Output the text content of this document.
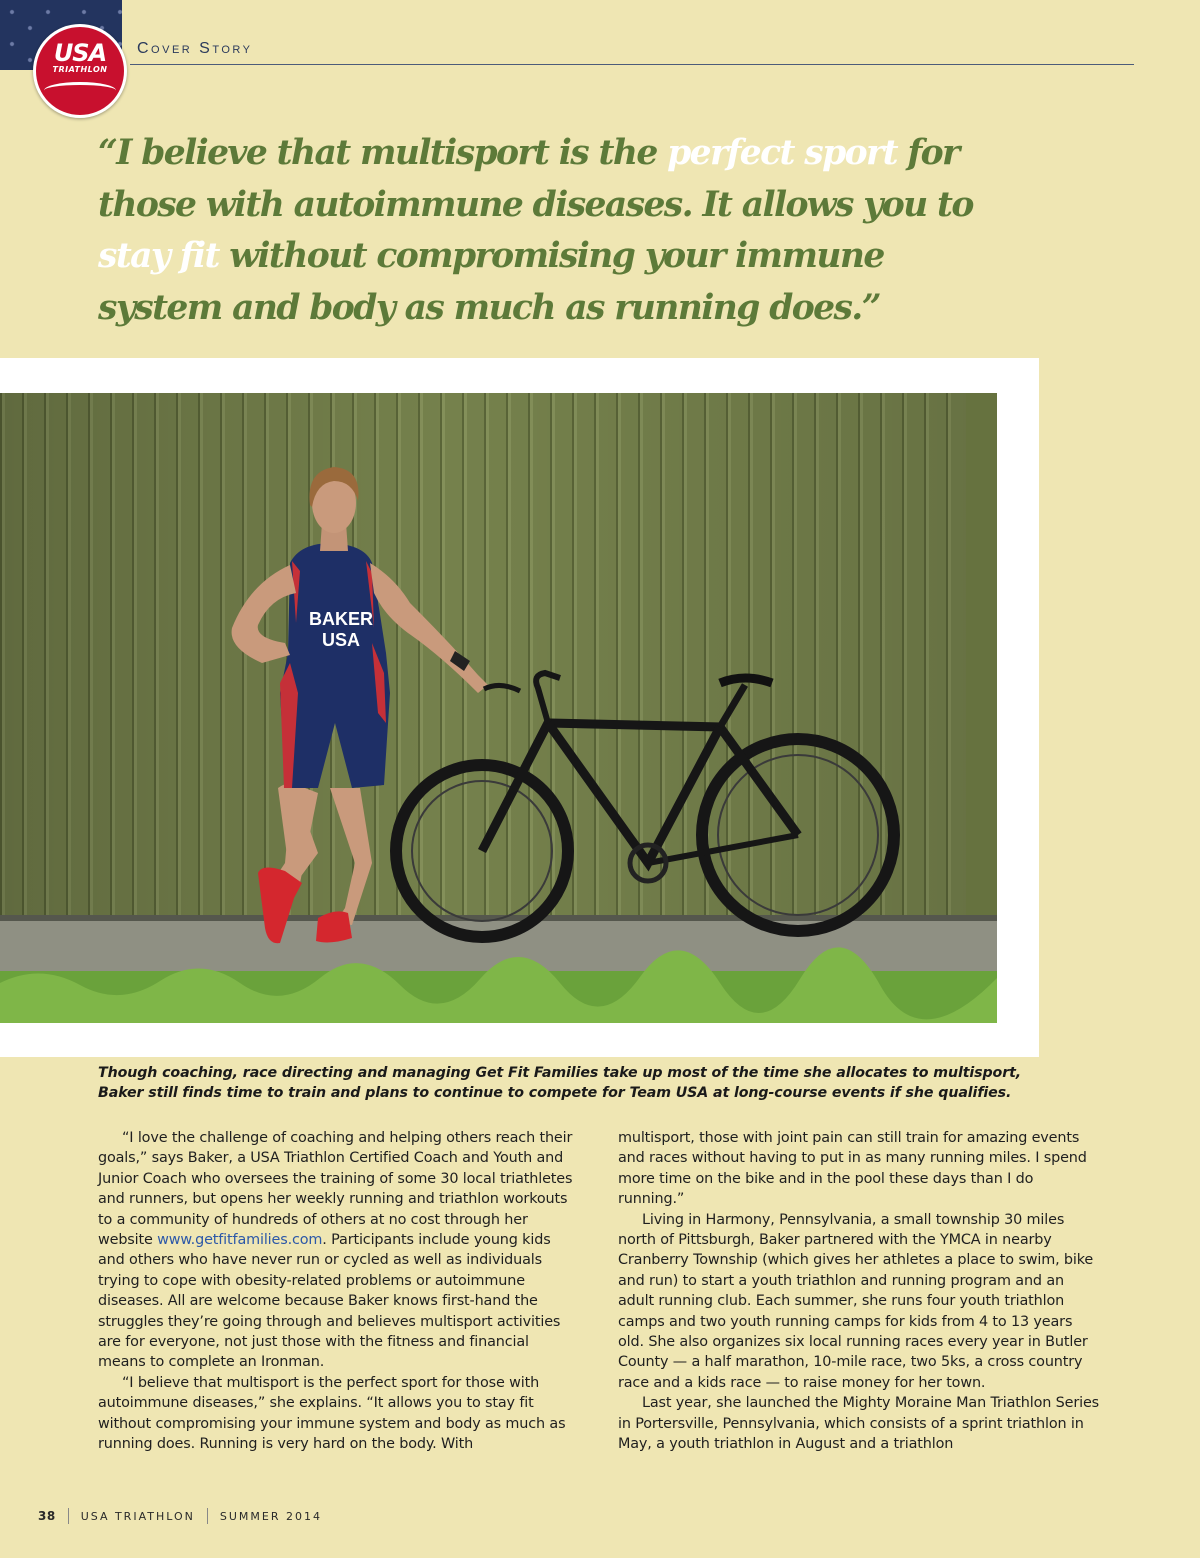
USA
TRIATHLON
Cover Story

“I believe that multisport is the perfect sport for those with autoimmune diseases. It allows you to stay fit without compromising your immune system and body as much as running does.”

BAKER
USA

Though coaching, race directing and managing Get Fit Families take up most of the time she allocates to multisport, Baker still finds time to train and plans to continue to compete for Team USA at long-course events if she qualifies.

“I love the challenge of coaching and helping others reach their goals,” says Baker, a USA Triathlon Certified Coach and Youth and Junior Coach who oversees the training of some 30 local triathletes and runners, but opens her weekly running and triathlon workouts to a community of hundreds of others at no cost through her website www.getfitfamilies.com. Participants include young kids and others who have never run or cycled as well as individuals trying to cope with obesity-related problems or autoimmune diseases. All are welcome because Baker knows first-hand the struggles they’re going through and believes multisport activities are for everyone, not just those with the fitness and financial means to complete an Ironman.

“I believe that multisport is the perfect sport for those with autoimmune diseases,” she explains. “It allows you to stay fit without compromising your immune system and body as much as running does. Running is very hard on the body. With

multisport, those with joint pain can still train for amazing events and races without having to put in as many running miles. I spend more time on the bike and in the pool these days than I do running.”

Living in Harmony, Pennsylvania, a small township 30 miles north of Pittsburgh, Baker partnered with the YMCA in nearby Cranberry Township (which gives her athletes a place to swim, bike and run) to start a youth triathlon and running program and an adult running club. Each summer, she runs four youth triathlon camps and two youth running camps for kids from 4 to 13 years old. She also organizes six local running races every year in Butler County — a half marathon, 10-mile race, two 5ks, a cross country race and a kids race — to raise money for her town.

Last year, she launched the Mighty Moraine Man Triathlon Series in Portersville, Pennsylvania, which consists of a sprint triathlon in May, a youth triathlon in August and a triathlon

38 USA TRIATHLON SUMMER 2014
